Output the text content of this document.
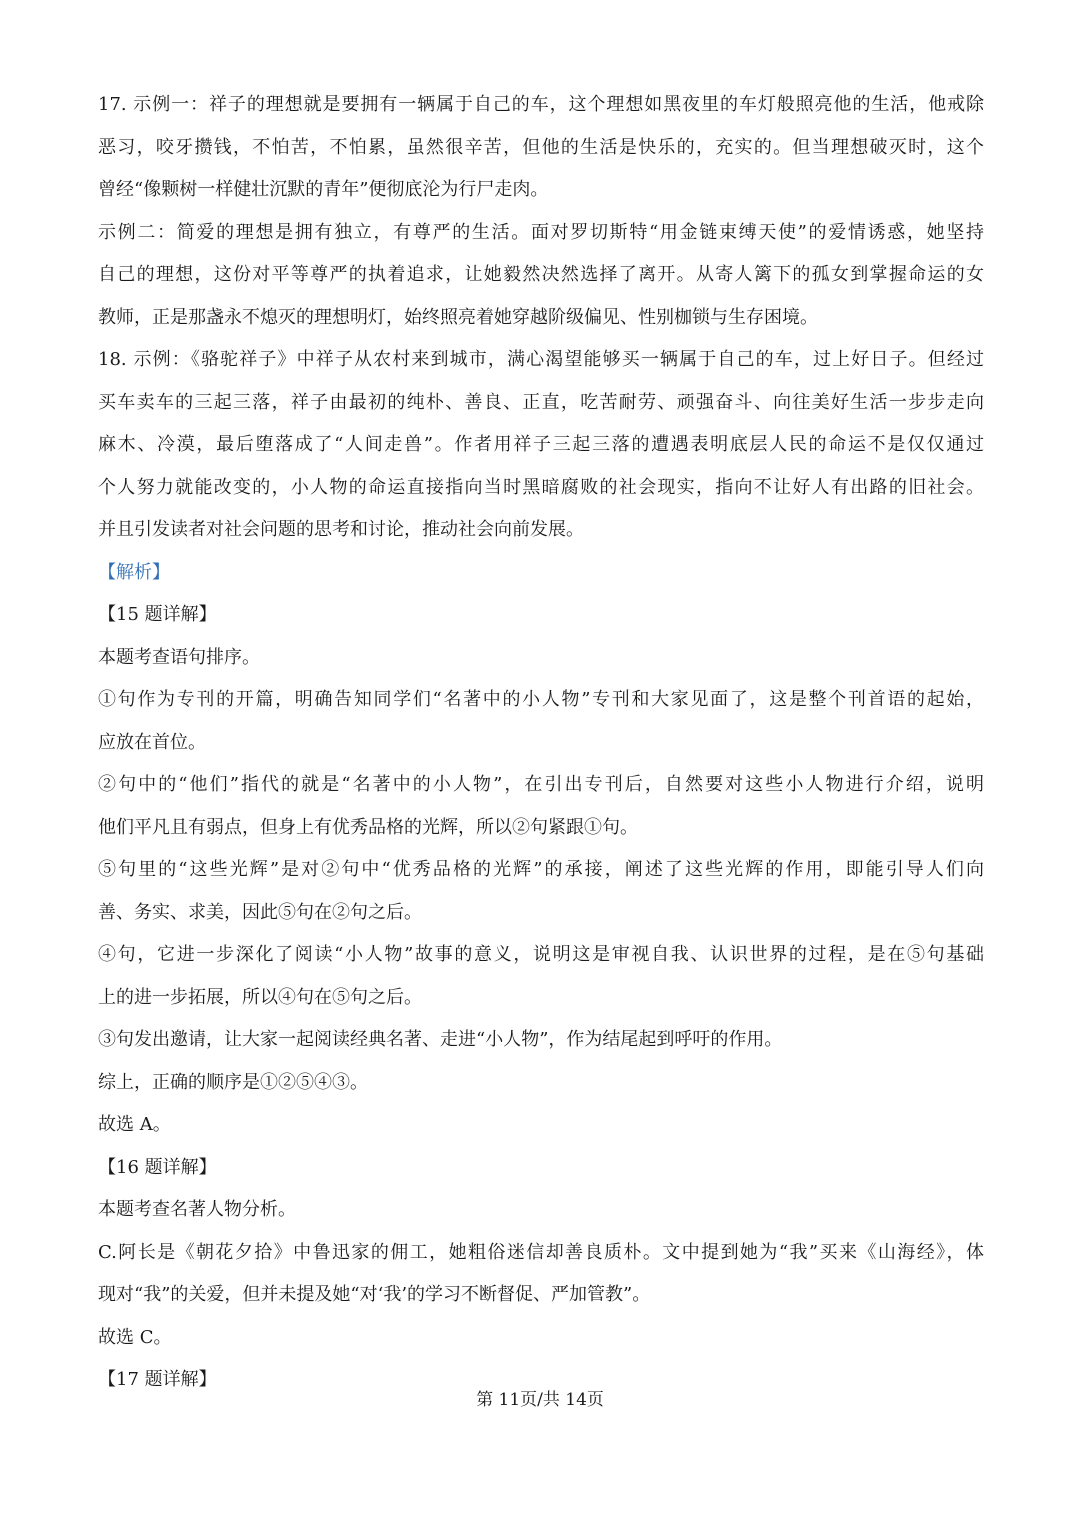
17. 示例一：祥子的理想就是要拥有一辆属于自己的车，这个理想如黑夜里的车灯般照亮他的生活，他戒除
恶习，咬牙攒钱，不怕苦，不怕累，虽然很辛苦，但他的生活是快乐的，充实的。但当理想破灭时，这个
曾经“像颗树一样健壮沉默的青年”便彻底沦为行尸走肉。
示例二：简爱的理想是拥有独立，有尊严的生活。面对罗切斯特“用金链束缚天使”的爱情诱惑，她坚持
自己的理想，这份对平等尊严的执着追求，让她毅然决然选择了离开。从寄人篱下的孤女到掌握命运的女
教师，正是那盏永不熄灭的理想明灯，始终照亮着她穿越阶级偏见、性别枷锁与生存困境。
18. 示例：《骆驼祥子》中祥子从农村来到城市，满心渴望能够买一辆属于自己的车，过上好日子。但经过
买车卖车的三起三落，祥子由最初的纯朴、善良、正直，吃苦耐劳、顽强奋斗、向往美好生活一步步走向
麻木、冷漠，最后堕落成了“人间走兽”。作者用祥子三起三落的遭遇表明底层人民的命运不是仅仅通过
个人努力就能改变的，小人物的命运直接指向当时黑暗腐败的社会现实，指向不让好人有出路的旧社会。
并且引发读者对社会问题的思考和讨论，推动社会向前发展。
【解析】
【15 题详解】
本题考查语句排序。
①句作为专刊的开篇，明确告知同学们“名著中的小人物”专刊和大家见面了，这是整个刊首语的起始，
应放在首位。
②句中的“他们”指代的就是“名著中的小人物”，在引出专刊后，自然要对这些小人物进行介绍，说明
他们平凡且有弱点，但身上有优秀品格的光辉，所以②句紧跟①句。
⑤句里的“这些光辉”是对②句中“优秀品格的光辉”的承接，阐述了这些光辉的作用，即能引导人们向
善、务实、求美，因此⑤句在②句之后。
④句，它进一步深化了阅读“小人物”故事的意义，说明这是审视自我、认识世界的过程，是在⑤句基础
上的进一步拓展，所以④句在⑤句之后。
③句发出邀请，让大家一起阅读经典名著、走进“小人物”，作为结尾起到呼吁的作用。
综上，正确的顺序是①②⑤④③。
故选 A。
【16 题详解】
本题考查名著人物分析。
C.阿长是《朝花夕拾》中鲁迅家的佣工，她粗俗迷信却善良质朴。文中提到她为“我”买来《山海经》，体
现对“我”的关爱，但并未提及她“对‘我’的学习不断督促、严加管教”。
故选 C。
【17 题详解】
第 11页/共 14页
